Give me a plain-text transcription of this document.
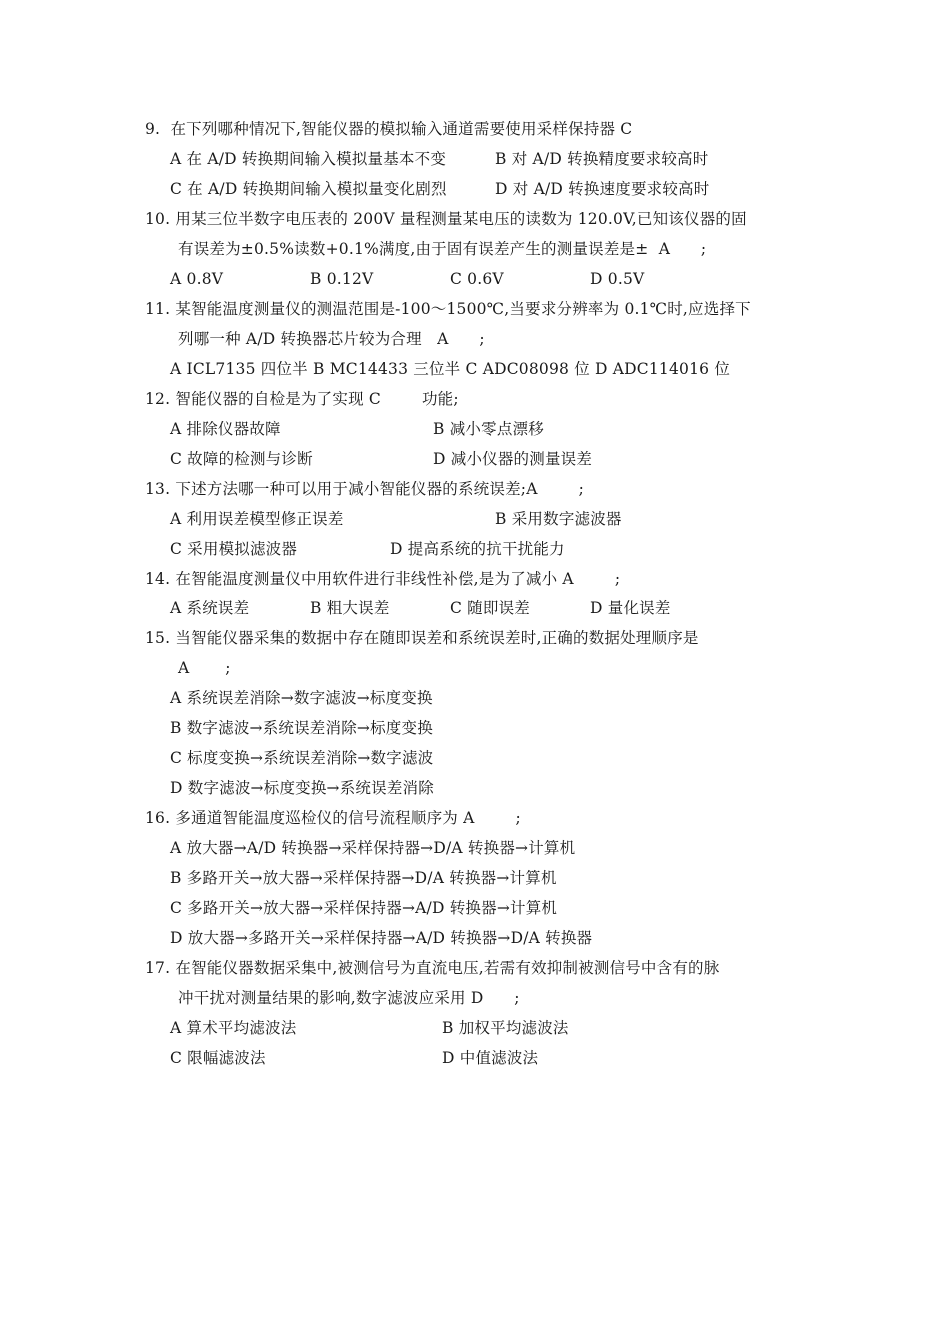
9.  在下列哪种情况下,智能仪器的模拟输入通道需要使用采样保持器 C
A 在 A/D 转换期间输入模拟量基本不变	B 对 A/D 转换精度要求较高时
C 在 A/D 转换期间输入模拟量变化剧烈	D 对 A/D 转换速度要求较高时
10. 用某三位半数字电压表的 200V 量程测量某电压的读数为 120.0V,已知该仪器的固
有误差为±0.5%读数+0.1%满度,由于固有误差产生的测量误差是±  A      ;
A 0.8V	B 0.12V	C 0.6V	D 0.5V
11. 某智能温度测量仪的测温范围是-100～1500℃,当要求分辨率为 0.1℃时,应选择下
列哪一种 A/D 转换器芯片较为合理   A      ;
A ICL7135 四位半 B MC14433 三位半 C ADC08098 位 D ADC114016 位
12. 智能仪器的自检是为了实现 C        功能;
A 排除仪器故障	B 减小零点漂移
C 故障的检测与诊断	D 减小仪器的测量误差
13. 下述方法哪一种可以用于减小智能仪器的系统误差;A        ;
A 利用误差模型修正误差	B 采用数字滤波器
C 采用模拟滤波器	D 提高系统的抗干扰能力
14. 在智能温度测量仪中用软件进行非线性补偿,是为了减小 A        ;
A 系统误差	B 粗大误差	C 随即误差	D 量化误差
15. 当智能仪器采集的数据中存在随即误差和系统误差时,正确的数据处理顺序是
A       ;
A 系统误差消除→数字滤波→标度变换
B 数字滤波→系统误差消除→标度变换
C 标度变换→系统误差消除→数字滤波
D 数字滤波→标度变换→系统误差消除
16. 多通道智能温度巡检仪的信号流程顺序为 A        ;
A 放大器→A/D 转换器→采样保持器→D/A 转换器→计算机
B 多路开关→放大器→采样保持器→D/A 转换器→计算机
C 多路开关→放大器→采样保持器→A/D 转换器→计算机
D 放大器→多路开关→采样保持器→A/D 转换器→D/A 转换器
17. 在智能仪器数据采集中,被测信号为直流电压,若需有效抑制被测信号中含有的脉
冲干扰对测量结果的影响,数字滤波应采用 D      ;
A 算术平均滤波法	B 加权平均滤波法
C 限幅滤波法	D 中值滤波法
